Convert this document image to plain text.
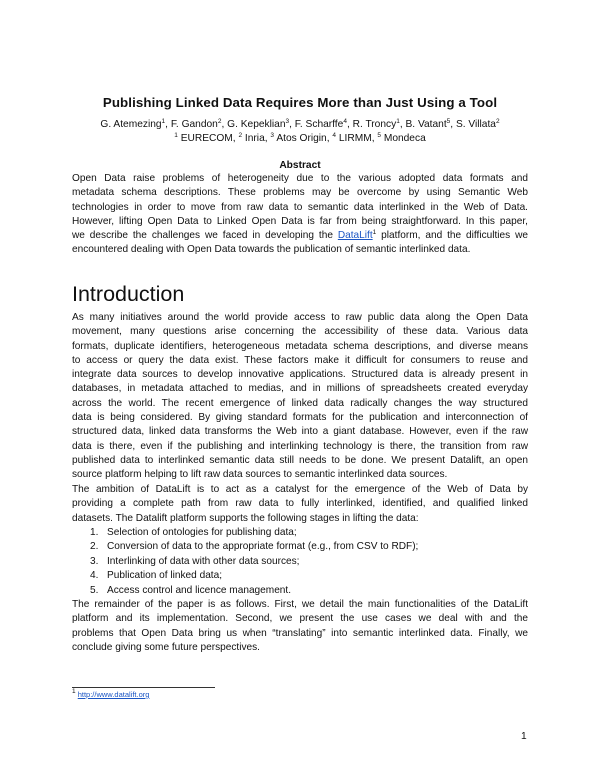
Publishing Linked Data Requires More than Just Using a Tool
G. Atemezing$^1$, F. Gandon$^2$, G. Kepeklian$^3$, F. Scharffe$^4$, R. Troncy$^1$, B. Vatant$^5$, S. Villata$^2$
$^1$ EURECOM, $^2$ Inria, $^3$ Atos Origin, $^4$ LIRMM, $^5$ Mondeca
Abstract
Open Data raise problems of heterogeneity due to the various adopted data formats and
metadata schema descriptions. These problems may be overcome by using Semantic Web
technologies in order to move from raw data to semantic data interlinked in the Web of Data.
However, lifting Open Data to Linked Open Data is far from being straightforward. In this paper,
we describe the challenges we faced in developing the DataLift$^1$ platform, and the difficulties we
encountered dealing with Open Data towards the publication of semantic interlinked data.
Introduction
As many initiatives around the world provide access to raw public data along the Open Data
movement, many questions arise concerning the accessibility of these data. Various data
formats, duplicate identifiers, heterogeneous metadata schema descriptions, and diverse means
to access or query the data exist. These factors make it difficult for consumers to reuse and
integrate data sources to develop innovative applications. Structured data is already present in
databases, in metadata attached to medias, and in millions of spreadsheets created everyday
across the world. The recent emergence of linked data radically changes the way structured
data is being considered. By giving standard formats for the publication and interconnection of
structured data, linked data transforms the Web into a giant database. However, even if the raw
data is there, even if the publishing and interlinking technology is there, the transition from raw
published data to interlinked semantic data still needs to be done. We present Datalift, an open
source platform helping to lift raw data sources to semantic interlinked data sources.
The ambition of DataLift is to act as a catalyst for the emergence of the Web of Data by
providing a complete path from raw data to fully interlinked, identified, and qualified linked
datasets. The Datalift platform supports the following stages in lifting the data:
1. Selection of ontologies for publishing data;
2. Conversion of data to the appropriate format (e.g., from CSV to RDF);
3. Interlinking of data with other data sources;
4. Publication of linked data;
5. Access control and licence management.
The remainder of the paper is as follows. First, we detail the main functionalities of the DataLift
platform and its implementation. Second, we present the use cases we deal with and the
problems that Open Data bring us when “translating” into semantic interlinked data. Finally, we
conclude giving some future perspectives.
$^1$ http://www.datalift.org
1
